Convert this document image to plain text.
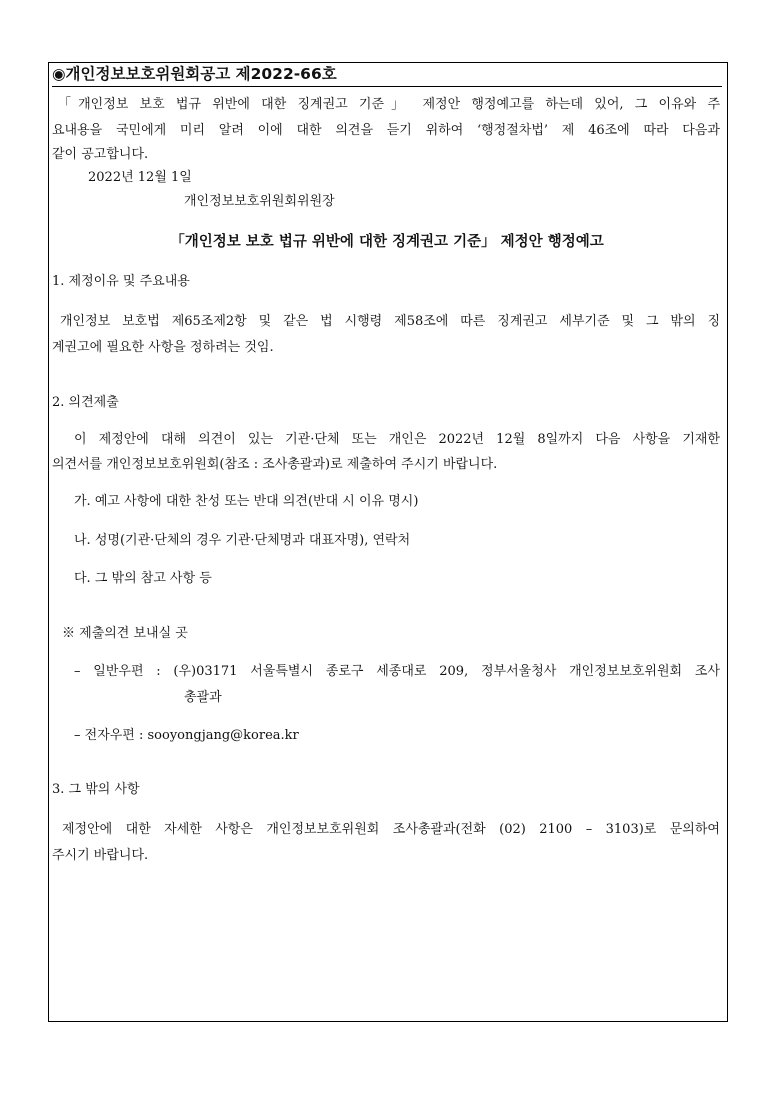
◉개인정보보호위원회공고 제2022-66호
「개인정보 보호 법규 위반에 대한 징계권고 기준」 제정안 행정예고를 하는데 있어, 그 이유와 주
요내용을 국민에게 미리 알려 이에 대한 의견을 듣기 위하여 ‘행정절차법’ 제 46조에 따라 다음과
같이 공고합니다.
2022년 12월 1일
개인정보보호위원회위원장
「개인정보 보호 법규 위반에 대한 징계권고 기준」 제정안 행정예고
1. 제정이유 및 주요내용
개인정보 보호법 제65조제2항 및 같은 법 시행령 제58조에 따른 징계권고 세부기준 및 그 밖의 징
계권고에 필요한 사항을 정하려는 것임.
2. 의견제출
이 제정안에 대해 의견이 있는 기관·단체 또는 개인은 2022년 12월 8일까지 다음 사항을 기재한
의견서를 개인정보보호위원회(참조 : 조사총괄과)로 제출하여 주시기 바랍니다.
가. 예고 사항에 대한 찬성 또는 반대 의견(반대 시 이유 명시)
나. 성명(기관·단체의 경우 기관·단체명과 대표자명), 연락처
다. 그 밖의 참고 사항 등
※ 제출의견 보내실 곳
– 일반우편 : (우)03171 서울특별시 종로구 세종대로 209, 정부서울청사 개인정보보호위원회 조사
총괄과
– 전자우편 : sooyongjang@korea.kr
3. 그 밖의 사항
제정안에 대한 자세한 사항은 개인정보보호위원회 조사총괄과(전화 (02) 2100 – 3103)로 문의하여
주시기 바랍니다.
